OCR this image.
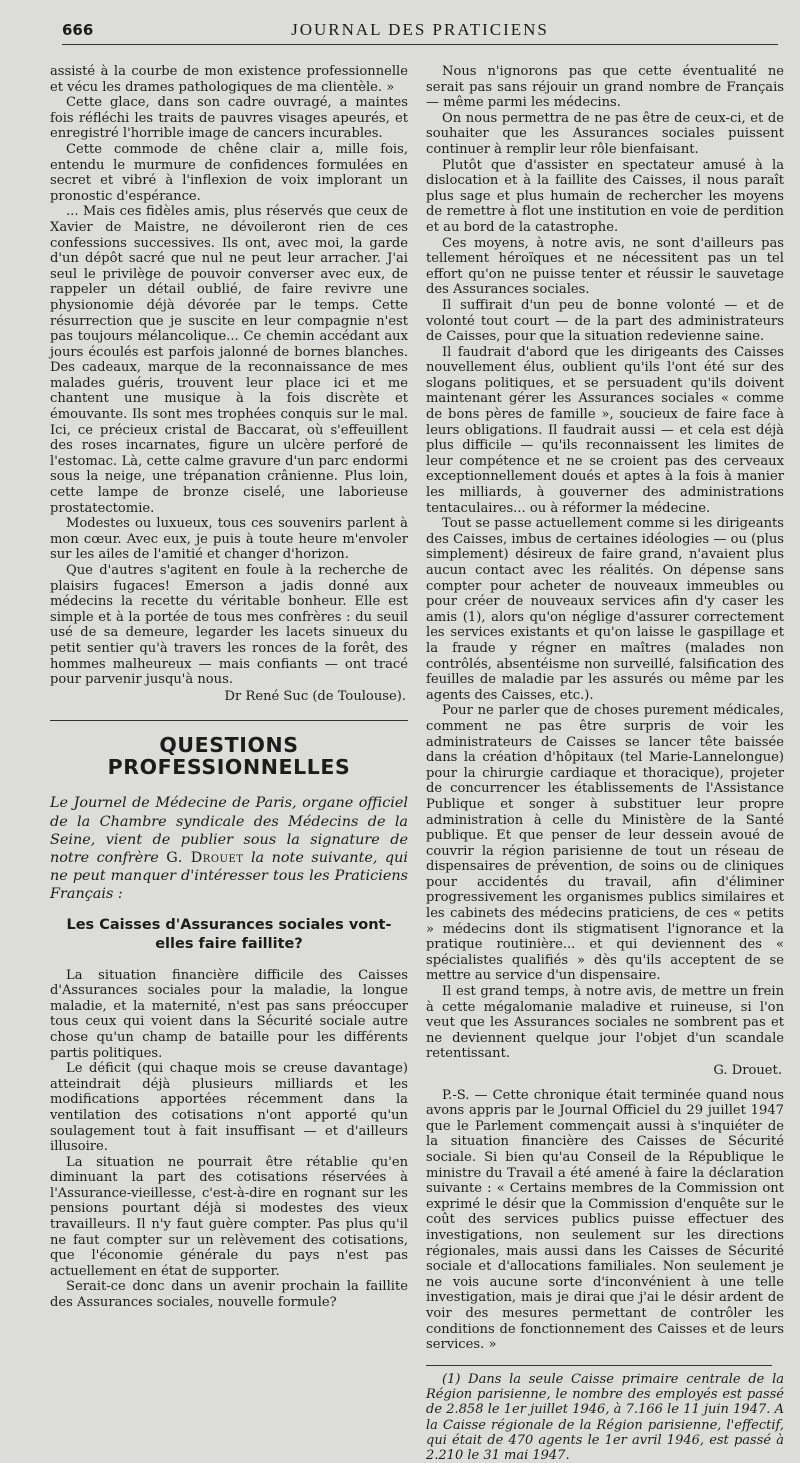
666	JOURNAL DES PRATICIENS

assisté à la courbe de mon existence professionnelle et vécu les drames pathologiques de ma clientèle. »

Cette glace, dans son cadre ouvragé, a maintes fois réfléchi les traits de pauvres visages apeurés, et enregistré l'horrible image de cancers incurables.

Cette commode de chêne clair a, mille fois, entendu le murmure de confidences formulées en secret et vibré à l'inflexion de voix implorant un pronostic d'espérance.

... Mais ces fidèles amis, plus réservés que ceux de Xavier de Maistre, ne dévoileront rien de ces confessions successives. Ils ont, avec moi, la garde d'un dépôt sacré que nul ne peut leur arracher. J'ai seul le privilège de pouvoir converser avec eux, de rappeler un détail oublié, de faire revivre une physionomie déjà dévorée par le temps. Cette résurrection que je suscite en leur compagnie n'est pas toujours mélancolique... Ce chemin accédant aux jours écoulés est parfois jalonné de bornes blanches. Des cadeaux, marque de la reconnaissance de mes malades guéris, trouvent leur place ici et me chantent une musique à la fois discrète et émouvante. Ils sont mes trophées conquis sur le mal. Ici, ce précieux cristal de Baccarat, où s'effeuillent des roses incarnates, figure un ulcère perforé de l'estomac. Là, cette calme gravure d'un parc endormi sous la neige, une trépanation crânienne. Plus loin, cette lampe de bronze ciselé, une laborieuse prostatectomie.

Modestes ou luxueux, tous ces souvenirs parlent à mon cœur. Avec eux, je puis à toute heure m'envoler sur les ailes de l'amitié et changer d'horizon.

Que d'autres s'agitent en foule à la recherche de plaisirs fugaces! Emerson a jadis donné aux médecins la recette du véritable bonheur. Elle est simple et à la portée de tous mes confrères : du seuil usé de sa demeure, legarder les lacets sinueux du petit sentier qu'à travers les ronces de la forêt, des hommes malheureux — mais confiants — ont tracé pour parvenir jusqu'à nous.

Dr René Suc (de Toulouse).

QUESTIONS PROFESSIONNELLES

Le Journel de Médecine de Paris, organe officiel de la Chambre syndicale des Médecins de la Seine, vient de publier sous la signature de notre confrère G. Drouet la note suivante, qui ne peut manquer d'intéresser tous les Praticiens Français :

Les Caisses d'Assurances sociales vont-elles faire faillite?

La situation financière difficile des Caisses d'Assurances sociales pour la maladie, la longue maladie, et la maternité, n'est pas sans préoccuper tous ceux qui voient dans la Sécurité sociale autre chose qu'un champ de bataille pour les différents partis politiques.

Le déficit (qui chaque mois se creuse davantage) atteindrait déjà plusieurs milliards et les modifications apportées récemment dans la ventilation des cotisations n'ont apporté qu'un soulagement tout à fait insuffisant — et d'ailleurs illusoire.

La situation ne pourrait être rétablie qu'en diminuant la part des cotisations réservées à l'Assurance-vieillesse, c'est-à-dire en rognant sur les pensions pourtant déjà si modestes des vieux travailleurs. Il n'y faut guère compter. Pas plus qu'il ne faut compter sur un relèvement des cotisations, que l'économie générale du pays n'est pas actuellement en état de supporter.

Serait-ce donc dans un avenir prochain la faillite des Assurances sociales, nouvelle formule?

Nous n'ignorons pas que cette éventualité ne serait pas sans réjouir un grand nombre de Français — même parmi les médecins.

On nous permettra de ne pas être de ceux-ci, et de souhaiter que les Assurances sociales puissent continuer à remplir leur rôle bienfaisant.

Plutôt que d'assister en spectateur amusé à la dislocation et à la faillite des Caisses, il nous paraît plus sage et plus humain de rechercher les moyens de remettre à flot une institution en voie de perdition et au bord de la catastrophe.

Ces moyens, à notre avis, ne sont d'ailleurs pas tellement héroïques et ne nécessitent pas un tel effort qu'on ne puisse tenter et réussir le sauvetage des Assurances sociales.

Il suffirait d'un peu de bonne volonté — et de volonté tout court — de la part des administrateurs de Caisses, pour que la situation redevienne saine.

Il faudrait d'abord que les dirigeants des Caisses nouvellement élus, oublient qu'ils l'ont été sur des slogans politiques, et se persuadent qu'ils doivent maintenant gérer les Assurances sociales « comme de bons pères de famille », soucieux de faire face à leurs obligations. Il faudrait aussi — et cela est déjà plus difficile — qu'ils reconnaissent les limites de leur compétence et ne se croient pas des cerveaux exceptionnellement doués et aptes à la fois à manier les milliards, à gouverner des administrations tentaculaires... ou à réformer la médecine.

Tout se passe actuellement comme si les dirigeants des Caisses, imbus de certaines idéologies — ou (plus simplement) désireux de faire grand, n'avaient plus aucun contact avec les réalités. On dépense sans compter pour acheter de nouveaux immeubles ou pour créer de nouveaux services afin d'y caser les amis (1), alors qu'on néglige d'assurer correctement les services existants et qu'on laisse le gaspillage et la fraude y régner en maîtres (malades non contrôlés, absentéisme non surveillé, falsification des feuilles de maladie par les assurés ou même par les agents des Caisses, etc.).

Pour ne parler que de choses purement médicales, comment ne pas être surpris de voir les administrateurs de Caisses se lancer tête baissée dans la création d'hôpitaux (tel Marie-Lannelongue) pour la chirurgie cardiaque et thoracique), projeter de concurrencer les établissements de l'Assistance Publique et songer à substituer leur propre administration à celle du Ministère de la Santé publique. Et que penser de leur dessein avoué de couvrir la région parisienne de tout un réseau de dispensaires de prévention, de soins ou de cliniques pour accidentés du travail, afin d'éliminer progressivement les organismes publics similaires et les cabinets des médecins praticiens, de ces « petits » médecins dont ils stigmatisent l'ignorance et la pratique routinière... et qui deviennent des « spécialistes qualifiés » dès qu'ils acceptent de se mettre au service d'un dispensaire.

Il est grand temps, à notre avis, de mettre un frein à cette mégalomanie maladive et ruineuse, si l'on veut que les Assurances sociales ne sombrent pas et ne deviennent quelque jour l'objet d'un scandale retentissant.

G. Drouet.

P.-S. — Cette chronique était terminée quand nous avons appris par le Journal Officiel du 29 juillet 1947 que le Parlement commençait aussi à s'inquiéter de la situation financière des Caisses de Sécurité sociale. Si bien qu'au Conseil de la République le ministre du Travail a été amené à faire la déclaration suivante : « Certains membres de la Commission ont exprimé le désir que la Commission d'enquête sur le coût des services publics puisse effectuer des investigations, non seulement sur les directions régionales, mais aussi dans les Caisses de Sécurité sociale et d'allocations familiales. Non seulement je ne vois aucune sorte d'inconvénient à une telle investigation, mais je dirai que j'ai le désir ardent de voir des mesures permettant de contrôler les conditions de fonctionnement des Caisses et de leurs services. »

(1) Dans la seule Caisse primaire centrale de la Région parisienne, le nombre des employés est passé de 2.858 le 1er juillet 1946, à 7.166 le 11 juin 1947. A la Caisse régionale de la Région parisienne, l'effectif, qui était de 470 agents le 1er avril 1946, est passé à 2.210 le 31 mai 1947.
